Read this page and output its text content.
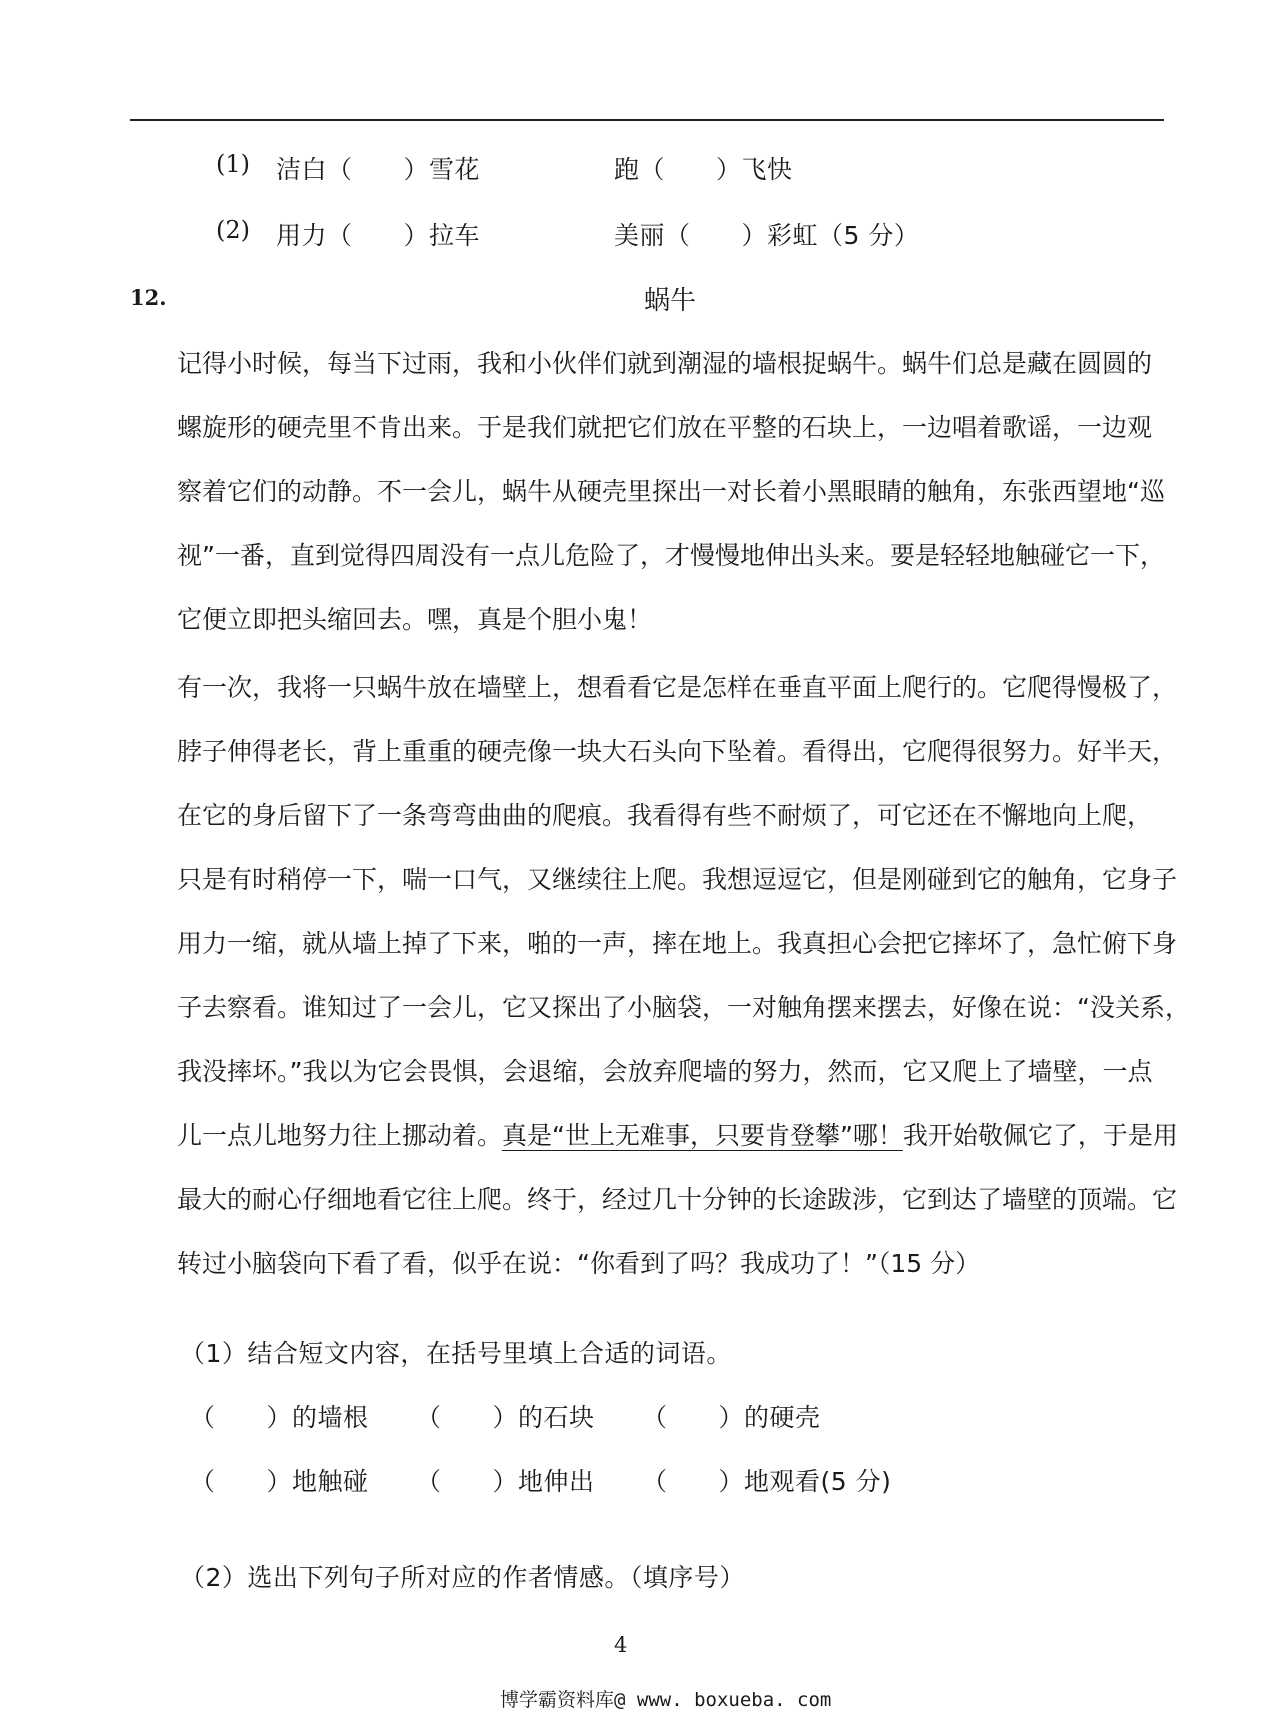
(1) 洁白（　　）雪花	跑（　　）飞快
(2) 用力（　　）拉车	美丽（　　）彩虹（5 分）
12.	蜗牛
记得小时候，每当下过雨，我和小伙伴们就到潮湿的墙根捉蜗牛。蜗牛们总是藏在圆圆的
螺旋形的硬壳里不肯出来。于是我们就把它们放在平整的石块上，一边唱着歌谣，一边观
察着它们的动静。不一会儿，蜗牛从硬壳里探出一对长着小黑眼睛的触角，东张西望地“巡
视”一番，直到觉得四周没有一点儿危险了，才慢慢地伸出头来。要是轻轻地触碰它一下，
它便立即把头缩回去。嘿，真是个胆小鬼！
有一次，我将一只蜗牛放在墙壁上，想看看它是怎样在垂直平面上爬行的。它爬得慢极了，
脖子伸得老长，背上重重的硬壳像一块大石头向下坠着。看得出，它爬得很努力。好半天，
在它的身后留下了一条弯弯曲曲的爬痕。我看得有些不耐烦了，可它还在不懈地向上爬，
只是有时稍停一下，喘一口气，又继续往上爬。我想逗逗它，但是刚碰到它的触角，它身子
用力一缩，就从墙上掉了下来，啪的一声，摔在地上。我真担心会把它摔坏了，急忙俯下身
子去察看。谁知过了一会儿，它又探出了小脑袋，一对触角摆来摆去，好像在说：“没关系，
我没摔坏。”我以为它会畏惧，会退缩，会放弃爬墙的努力，然而，它又爬上了墙壁，一点
儿一点儿地努力往上挪动着。真是“世上无难事，只要肯登攀”哪！我开始敬佩它了，于是用
最大的耐心仔细地看它往上爬。终于，经过几十分钟的长途跋涉，它到达了墙壁的顶端。它
转过小脑袋向下看了看，似乎在说：“你看到了吗？我成功了！”（15 分）
（1）结合短文内容，在括号里填上合适的词语。
（　　）的墙根 （　　）的石块 （　　）的硬壳
（　　）地触碰 （　　）地伸出 （　　）地观看(5 分)
（2）选出下列句子所对应的作者情感。（填序号）
4
博学霸资料库@ www. boxueba. com
